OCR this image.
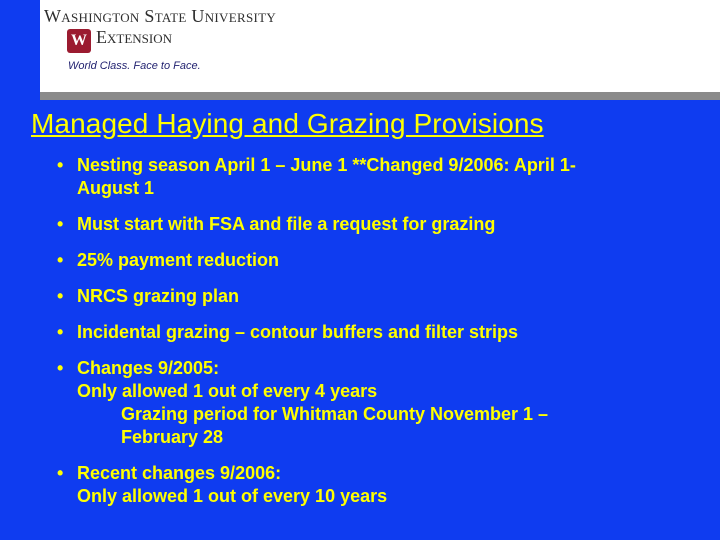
Washington State University
W Extension
World Class. Face to Face.
Managed Haying and Grazing Provisions
• Nesting season April 1 – June 1 **Changed 9/2006: April 1-
August 1
• Must start with FSA and file a request for grazing
• 25% payment reduction
• NRCS grazing plan
• Incidental grazing – contour buffers and filter strips
• Changes 9/2005:
Only allowed 1 out of every 4 years
Grazing period for Whitman County November 1 –
February 28
• Recent changes 9/2006:
Only allowed 1 out of every 10 years
